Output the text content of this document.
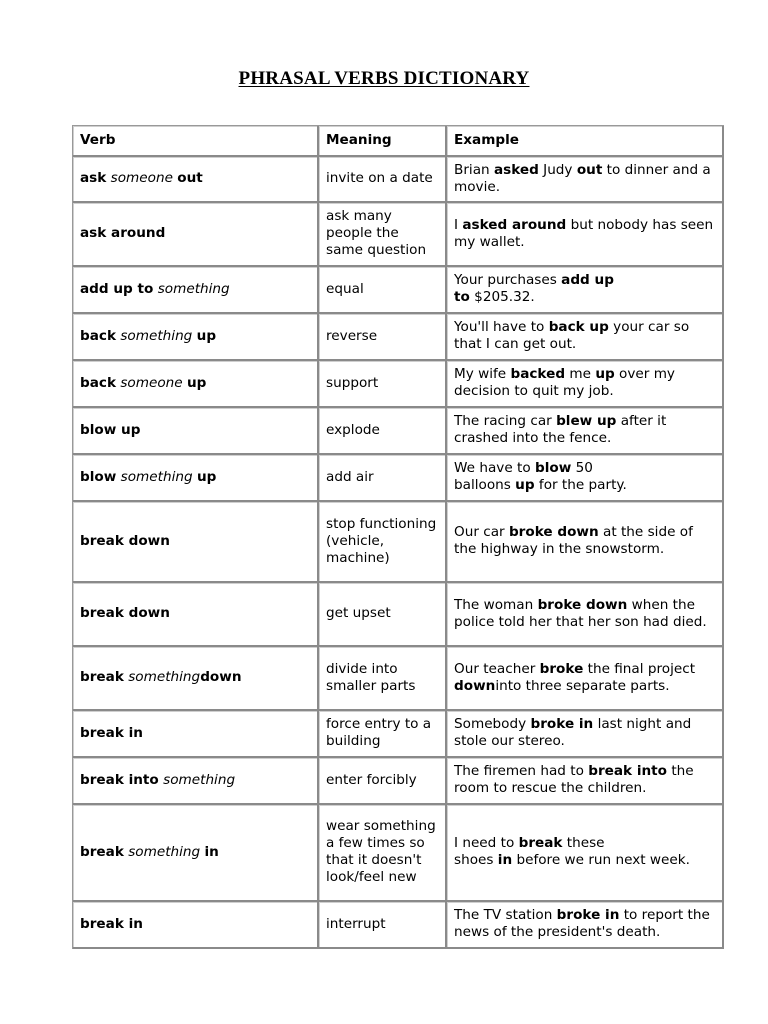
PHRASAL VERBS DICTIONARY
Verb	Meaning	Example
ask someone out	invite on a date	Brian asked Judy out to dinner and a movie.
ask around	ask many people the same question	I asked around but nobody has seen my wallet.
add up to something	equal	Your purchases add up
to $205.32.
back something up	reverse	You'll have to back up your car so that I can get out.
back someone up	support	My wife backed me up over my decision to quit my job.
blow up	explode	The racing car blew up after it crashed into the fence.
blow something up	add air	We have to blow 50
balloons up for the party.
break down	stop functioning (vehicle, machine)	Our car broke down at the side of the highway in the snowstorm.
break down	get upset	The woman broke down when the police told her that her son had died.
break somethingdown	divide into smaller parts	Our teacher broke the final project downinto three separate parts.
break in	force entry to a building	Somebody broke in last night and stole our stereo.
break into something	enter forcibly	The firemen had to break into the room to rescue the children.
break something in	wear something a few times so that it doesn't look/feel new	I need to break these
shoes in before we run next week.
break in	interrupt	The TV station broke in to report the news of the president's death.
